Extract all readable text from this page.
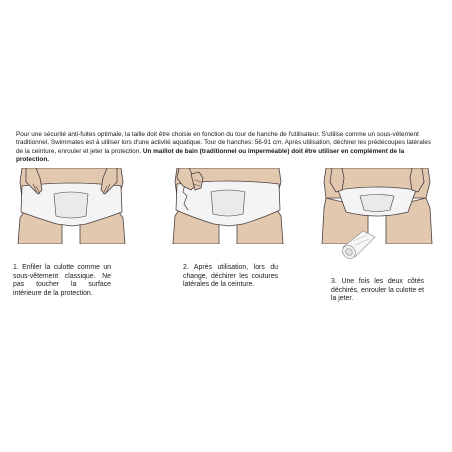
Pour une sécurité anti-fuites optimale, la taille doit être choisie en fonction du tour de hanche de l'utilisateur. S'utilise comme un sous-vêtement traditionnel. Swimmates est à utiliser lors d'une activité aquatique. Tour de hanches: 56-91 cm. Après utilisation, déchirer les prédécoupes latérales de la ceinture, enrouler et jeter la protection. Un maillot de bain (traditionnel ou imperméable) doit être utiliser en complément de la protection.
1. Enfiler la culotte comme un sous-vêtement classique. Ne pas toucher la surface intérieure de la protection.
2. Après utilisation, lors du change, déchirer les coutures latérales de la ceinture.	3. Une fois les deux côtés déchirés, enrouler la culotte et la jeter.
